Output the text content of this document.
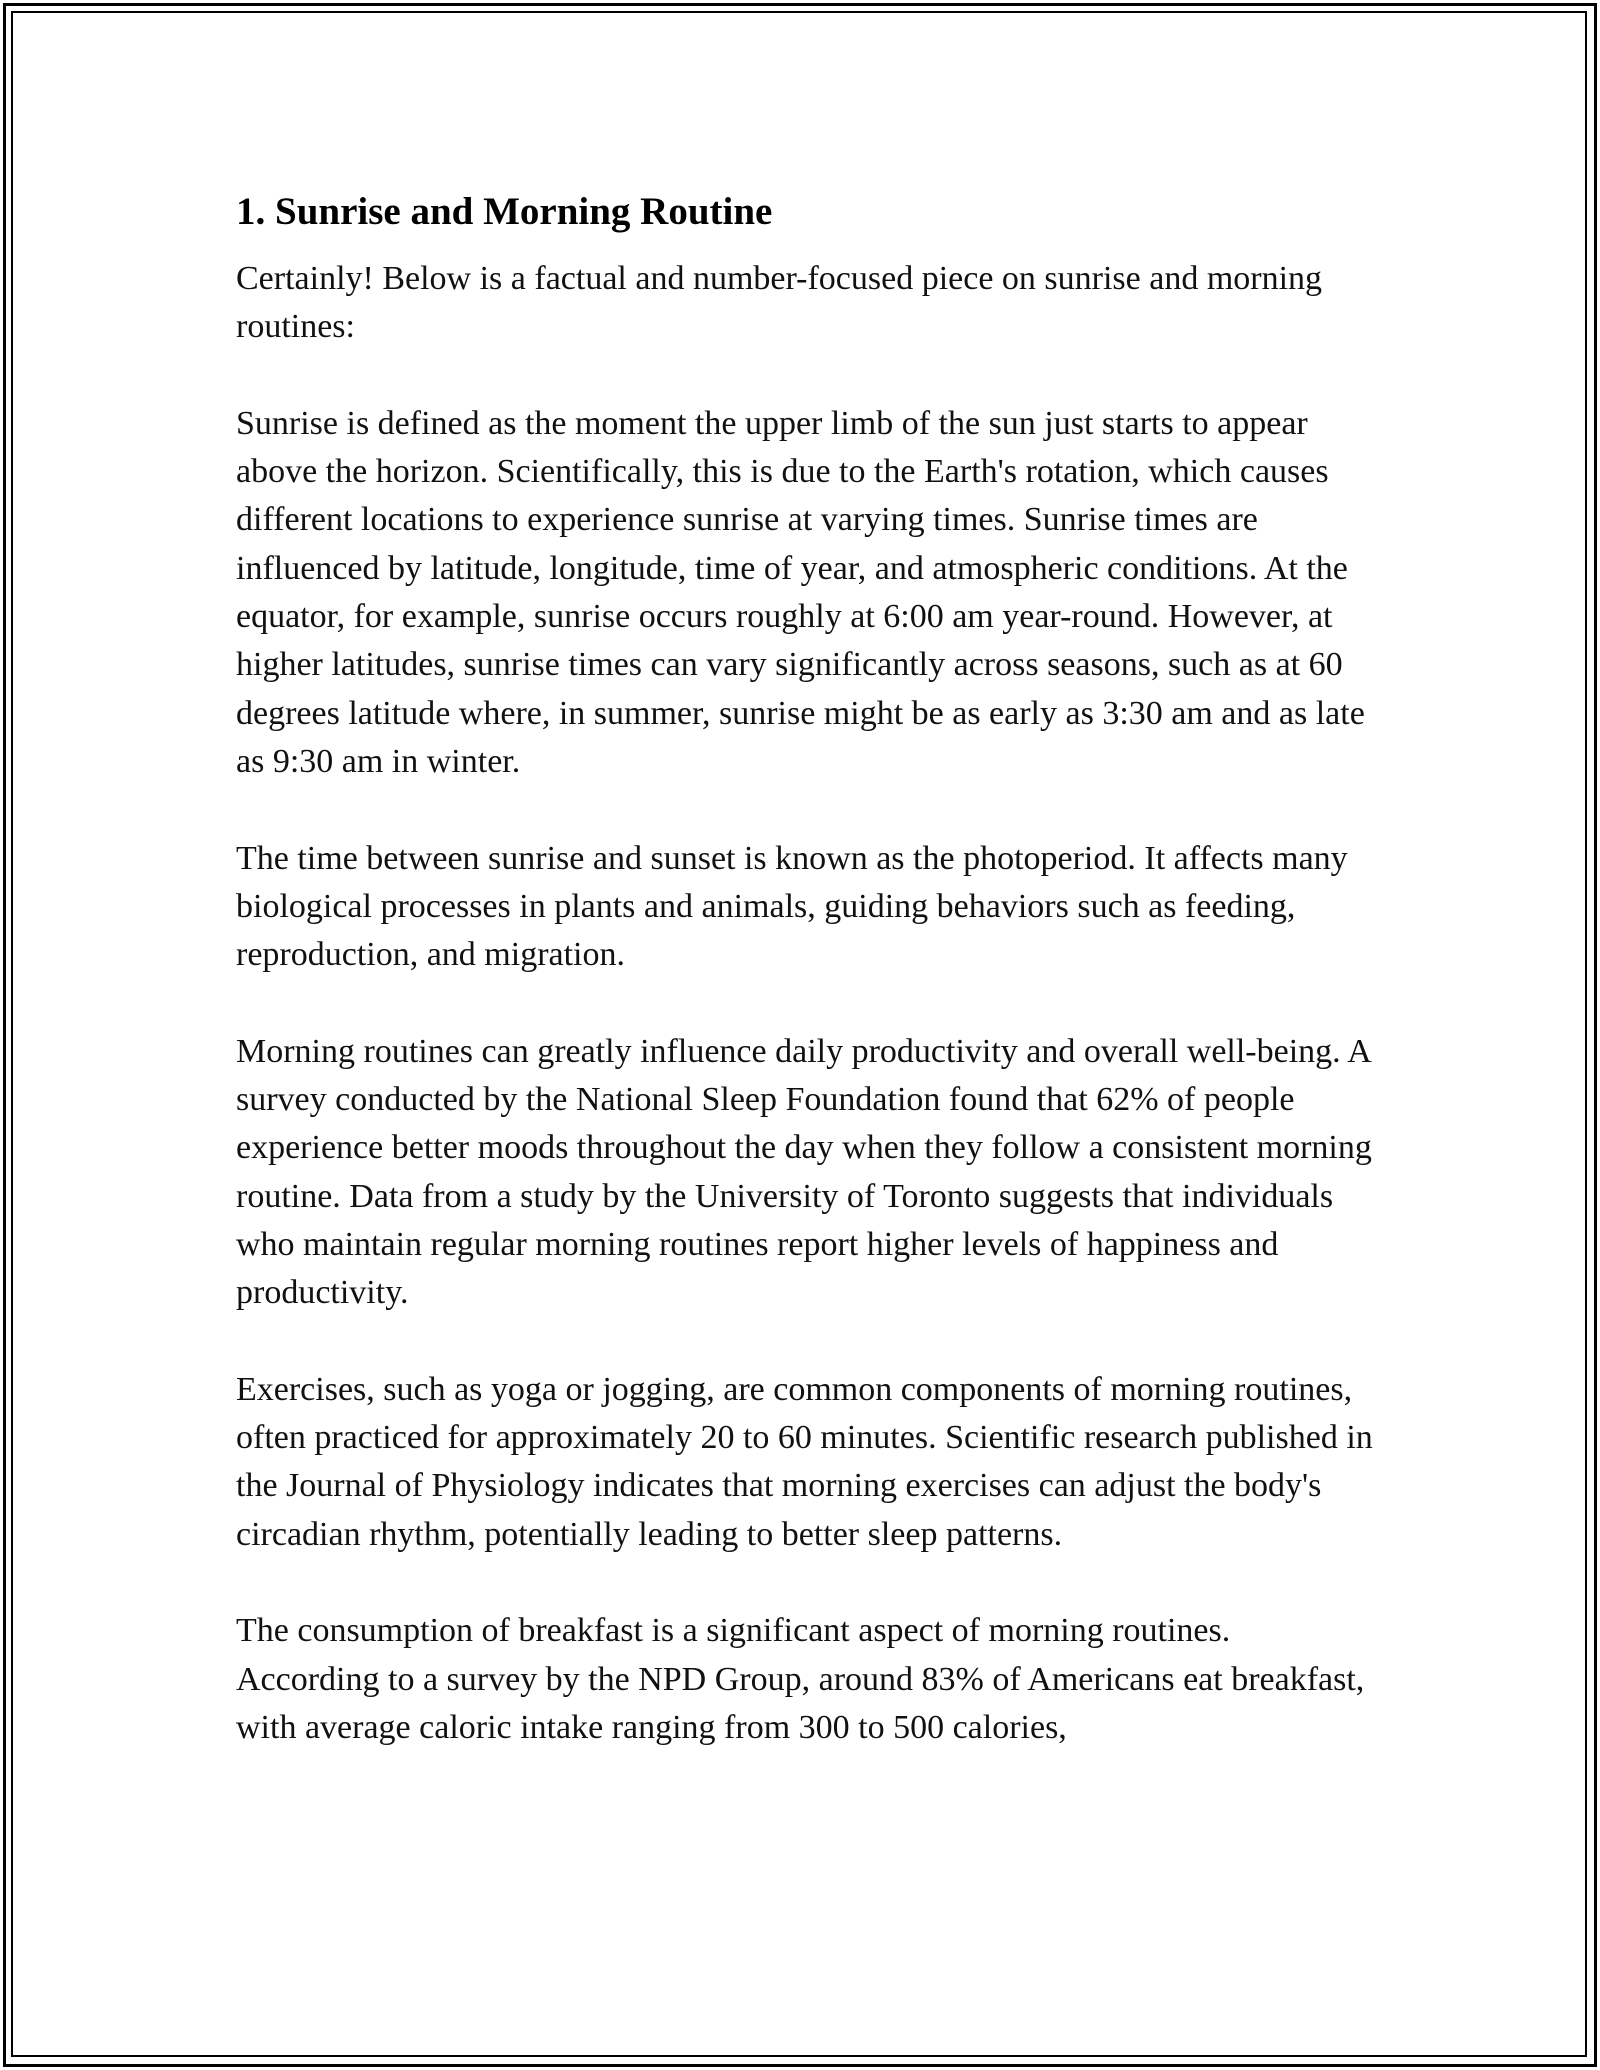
1. Sunrise and Morning Routine

Certainly! Below is a factual and number-focused piece on sunrise and morning routines:

Sunrise is defined as the moment the upper limb of the sun just starts to appear above the horizon. Scientifically, this is due to the Earth's rotation, which causes different locations to experience sunrise at varying times. Sunrise times are influenced by latitude, longitude, time of year, and atmospheric conditions. At the equator, for example, sunrise occurs roughly at 6:00 am year-round. However, at higher latitudes, sunrise times can vary significantly across seasons, such as at 60 degrees latitude where, in summer, sunrise might be as early as 3:30 am and as late as 9:30 am in winter.

The time between sunrise and sunset is known as the photoperiod. It affects many biological processes in plants and animals, guiding behaviors such as feeding, reproduction, and migration.

Morning routines can greatly influence daily productivity and overall well-being. A survey conducted by the National Sleep Foundation found that 62% of people experience better moods throughout the day when they follow a consistent morning routine. Data from a study by the University of Toronto suggests that individuals who maintain regular morning routines report higher levels of happiness and productivity.

Exercises, such as yoga or jogging, are common components of morning routines, often practiced for approximately 20 to 60 minutes. Scientific research published in the Journal of Physiology indicates that morning exercises can adjust the body's circadian rhythm, potentially leading to better sleep patterns.

The consumption of breakfast is a significant aspect of morning routines. According to a survey by the NPD Group, around 83% of Americans eat breakfast, with average caloric intake ranging from 300 to 500 calories,
